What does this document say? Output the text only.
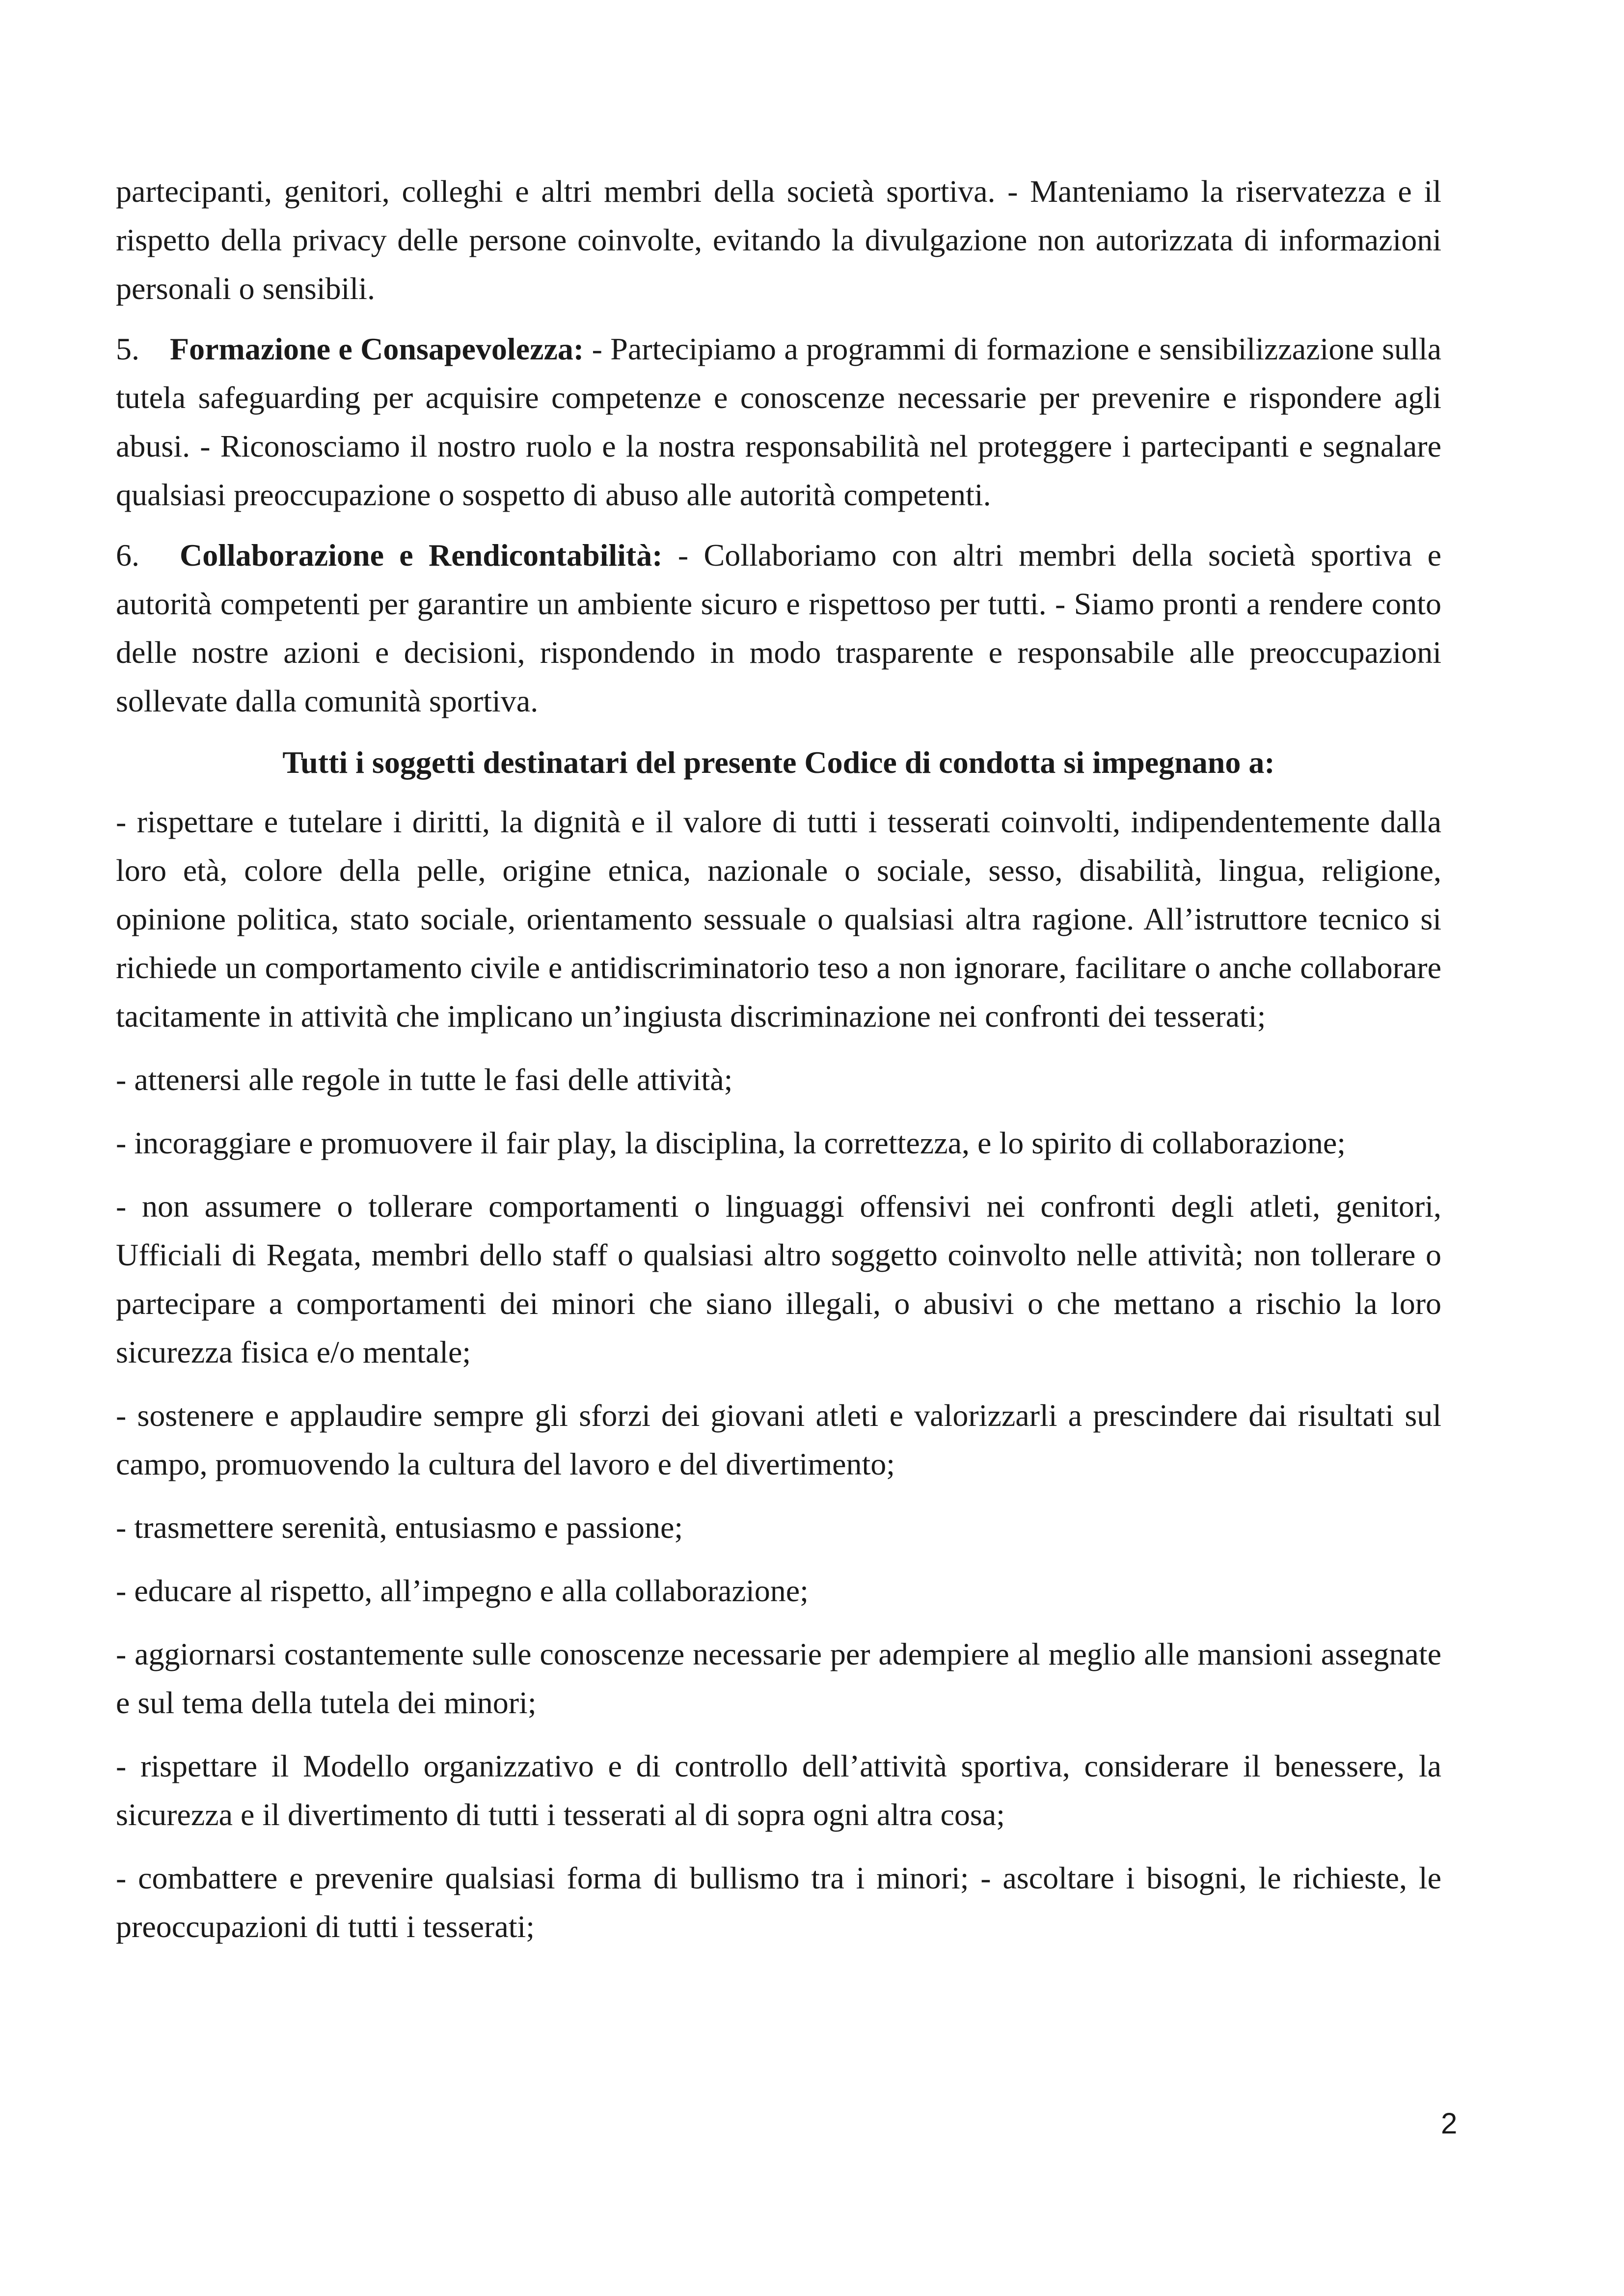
partecipanti, genitori, colleghi e altri membri della società sportiva. - Manteniamo la riservatezza e il rispetto della privacy delle persone coinvolte, evitando la divulgazione non autorizzata di informazioni personali o sensibili.

5. Formazione e Consapevolezza: - Partecipiamo a programmi di formazione e sensibilizzazione sulla tutela safeguarding per acquisire competenze e conoscenze necessarie per prevenire e rispondere agli abusi. - Riconosciamo il nostro ruolo e la nostra responsabilità nel proteggere i partecipanti e segnalare qualsiasi preoccupazione o sospetto di abuso alle autorità competenti.

6. Collaborazione e Rendicontabilità: - Collaboriamo con altri membri della società sportiva e autorità competenti per garantire un ambiente sicuro e rispettoso per tutti. - Siamo pronti a rendere conto delle nostre azioni e decisioni, rispondendo in modo trasparente e responsabile alle preoccupazioni sollevate dalla comunità sportiva.

Tutti i soggetti destinatari del presente Codice di condotta si impegnano a:

- rispettare e tutelare i diritti, la dignità e il valore di tutti i tesserati coinvolti, indipendentemente dalla loro età, colore della pelle, origine etnica, nazionale o sociale, sesso, disabilità, lingua, religione, opinione politica, stato sociale, orientamento sessuale o qualsiasi altra ragione. All’istruttore tecnico si richiede un comportamento civile e antidiscriminatorio teso a non ignorare, facilitare o anche collaborare tacitamente in attività che implicano un’ingiusta discriminazione nei confronti dei tesserati;

- attenersi alle regole in tutte le fasi delle attività;

- incoraggiare e promuovere il fair play, la disciplina, la correttezza, e lo spirito di collaborazione;

- non assumere o tollerare comportamenti o linguaggi offensivi nei confronti degli atleti, genitori, Ufficiali di Regata, membri dello staff o qualsiasi altro soggetto coinvolto nelle attività; non tollerare o partecipare a comportamenti dei minori che siano illegali, o abusivi o che mettano a rischio la loro sicurezza fisica e/o mentale;

- sostenere e applaudire sempre gli sforzi dei giovani atleti e valorizzarli a prescindere dai risultati sul campo, promuovendo la cultura del lavoro e del divertimento;

- trasmettere serenità, entusiasmo e passione;

- educare al rispetto, all’impegno e alla collaborazione;

- aggiornarsi costantemente sulle conoscenze necessarie per adempiere al meglio alle mansioni assegnate e sul tema della tutela dei minori;

- rispettare il Modello organizzativo e di controllo dell’attività sportiva, considerare il benessere, la sicurezza e il divertimento di tutti i tesserati al di sopra ogni altra cosa;

- combattere e prevenire qualsiasi forma di bullismo tra i minori; - ascoltare i bisogni, le richieste, le preoccupazioni di tutti i tesserati;

2
